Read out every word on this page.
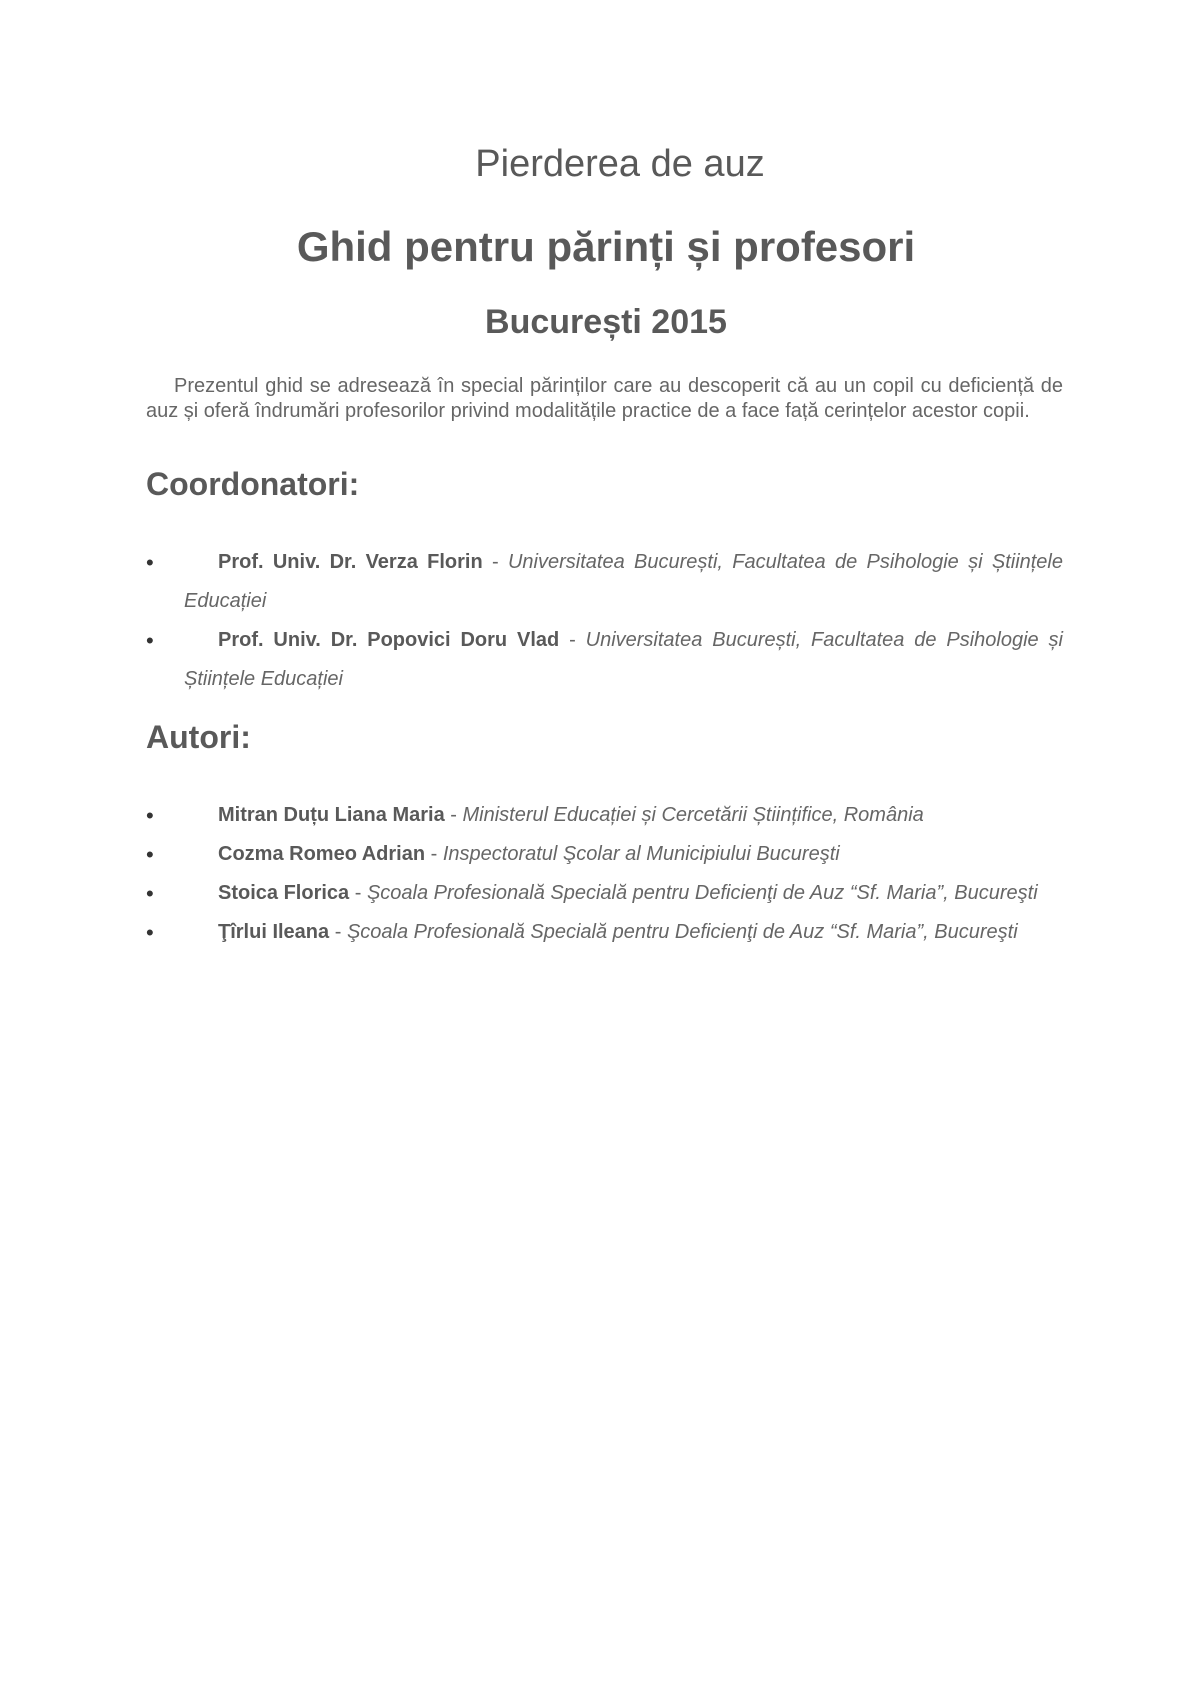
Pierderea de auz
Ghid pentru părinți și profesori
București 2015

Prezentul ghid se adresează în special părinților care au descoperit că au un copil cu deficiență de auz și oferă îndrumări profesorilor privind modalitățile practice de a face față cerințelor acestor copii.

Coordonatori:
•	Prof. Univ. Dr. Verza Florin - Universitatea București, Facultatea de Psihologie și Științele Educației
•	Prof. Univ. Dr. Popovici Doru Vlad - Universitatea București, Facultatea de Psihologie și Științele Educației
Autori:
•	Mitran Duțu Liana Maria - Ministerul Educației și Cercetării Științifice, România
•	Cozma Romeo Adrian - Inspectoratul Şcolar al Municipiului Bucureşti
•	Stoica Florica - Şcoala Profesională Specială pentru Deficienţi de Auz “Sf. Maria”, Bucureşti
•	Ţîrlui Ileana - Şcoala Profesională Specială pentru Deficienţi de Auz “Sf. Maria”, Bucureşti
